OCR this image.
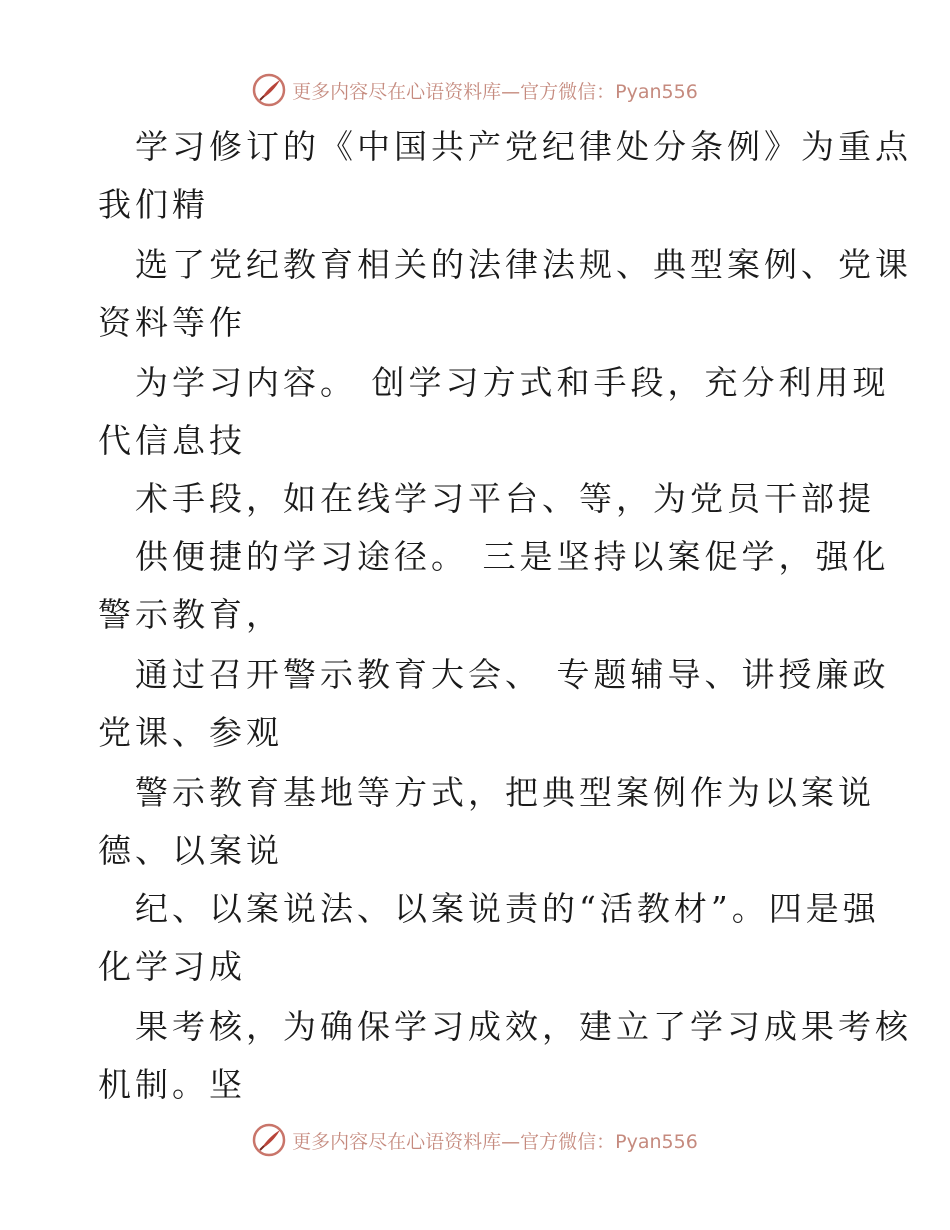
更多内容尽在心语资料库—官方微信：Pyan556
学习修订的《中国共产党纪律处分条例》为重点
我们精
选了党纪教育相关的法律法规、典型案例、党课
资料等作
为学习内容。 创学习方式和手段，充分利用现
代信息技
术手段，如在线学习平台、等，为党员干部提
供便捷的学习途径。 三是坚持以案促学，强化
警示教育，
通过召开警示教育大会、 专题辅导、讲授廉政
党课、参观
警示教育基地等方式，把典型案例作为以案说
德、以案说
纪、以案说法、以案说责的“活教材”。四是强
化学习成
果考核，为确保学习成效，建立了学习成果考核
机制。坚
更多内容尽在心语资料库—官方微信：Pyan556
